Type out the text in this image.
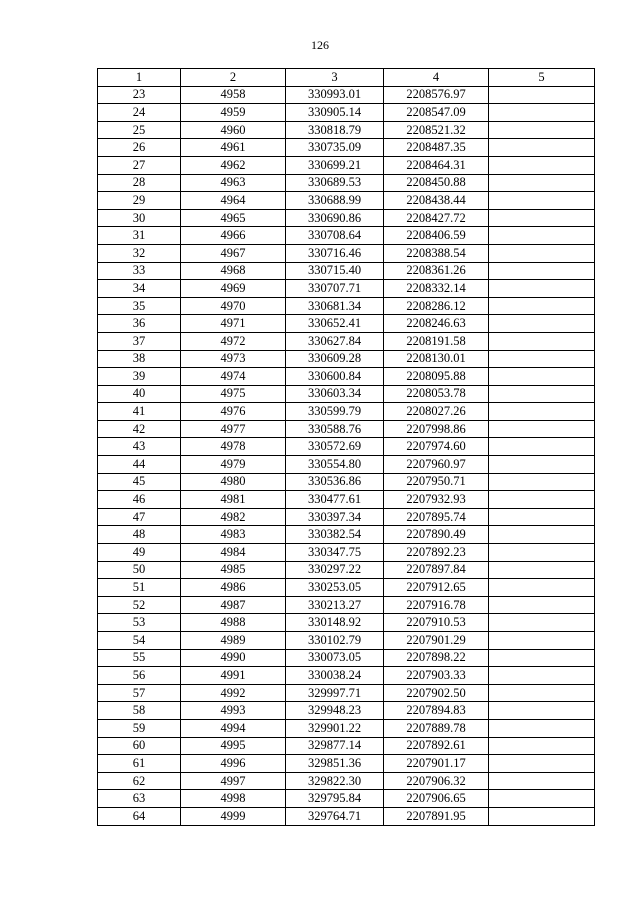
126
1	2	3	4	5
23	4958	330993.01	2208576.97	
24	4959	330905.14	2208547.09	
25	4960	330818.79	2208521.32	
26	4961	330735.09	2208487.35	
27	4962	330699.21	2208464.31	
28	4963	330689.53	2208450.88	
29	4964	330688.99	2208438.44	
30	4965	330690.86	2208427.72	
31	4966	330708.64	2208406.59	
32	4967	330716.46	2208388.54	
33	4968	330715.40	2208361.26	
34	4969	330707.71	2208332.14	
35	4970	330681.34	2208286.12	
36	4971	330652.41	2208246.63	
37	4972	330627.84	2208191.58	
38	4973	330609.28	2208130.01	
39	4974	330600.84	2208095.88	
40	4975	330603.34	2208053.78	
41	4976	330599.79	2208027.26	
42	4977	330588.76	2207998.86	
43	4978	330572.69	2207974.60	
44	4979	330554.80	2207960.97	
45	4980	330536.86	2207950.71	
46	4981	330477.61	2207932.93	
47	4982	330397.34	2207895.74	
48	4983	330382.54	2207890.49	
49	4984	330347.75	2207892.23	
50	4985	330297.22	2207897.84	
51	4986	330253.05	2207912.65	
52	4987	330213.27	2207916.78	
53	4988	330148.92	2207910.53	
54	4989	330102.79	2207901.29	
55	4990	330073.05	2207898.22	
56	4991	330038.24	2207903.33	
57	4992	329997.71	2207902.50	
58	4993	329948.23	2207894.83	
59	4994	329901.22	2207889.78	
60	4995	329877.14	2207892.61	
61	4996	329851.36	2207901.17	
62	4997	329822.30	2207906.32	
63	4998	329795.84	2207906.65	
64	4999	329764.71	2207891.95	
